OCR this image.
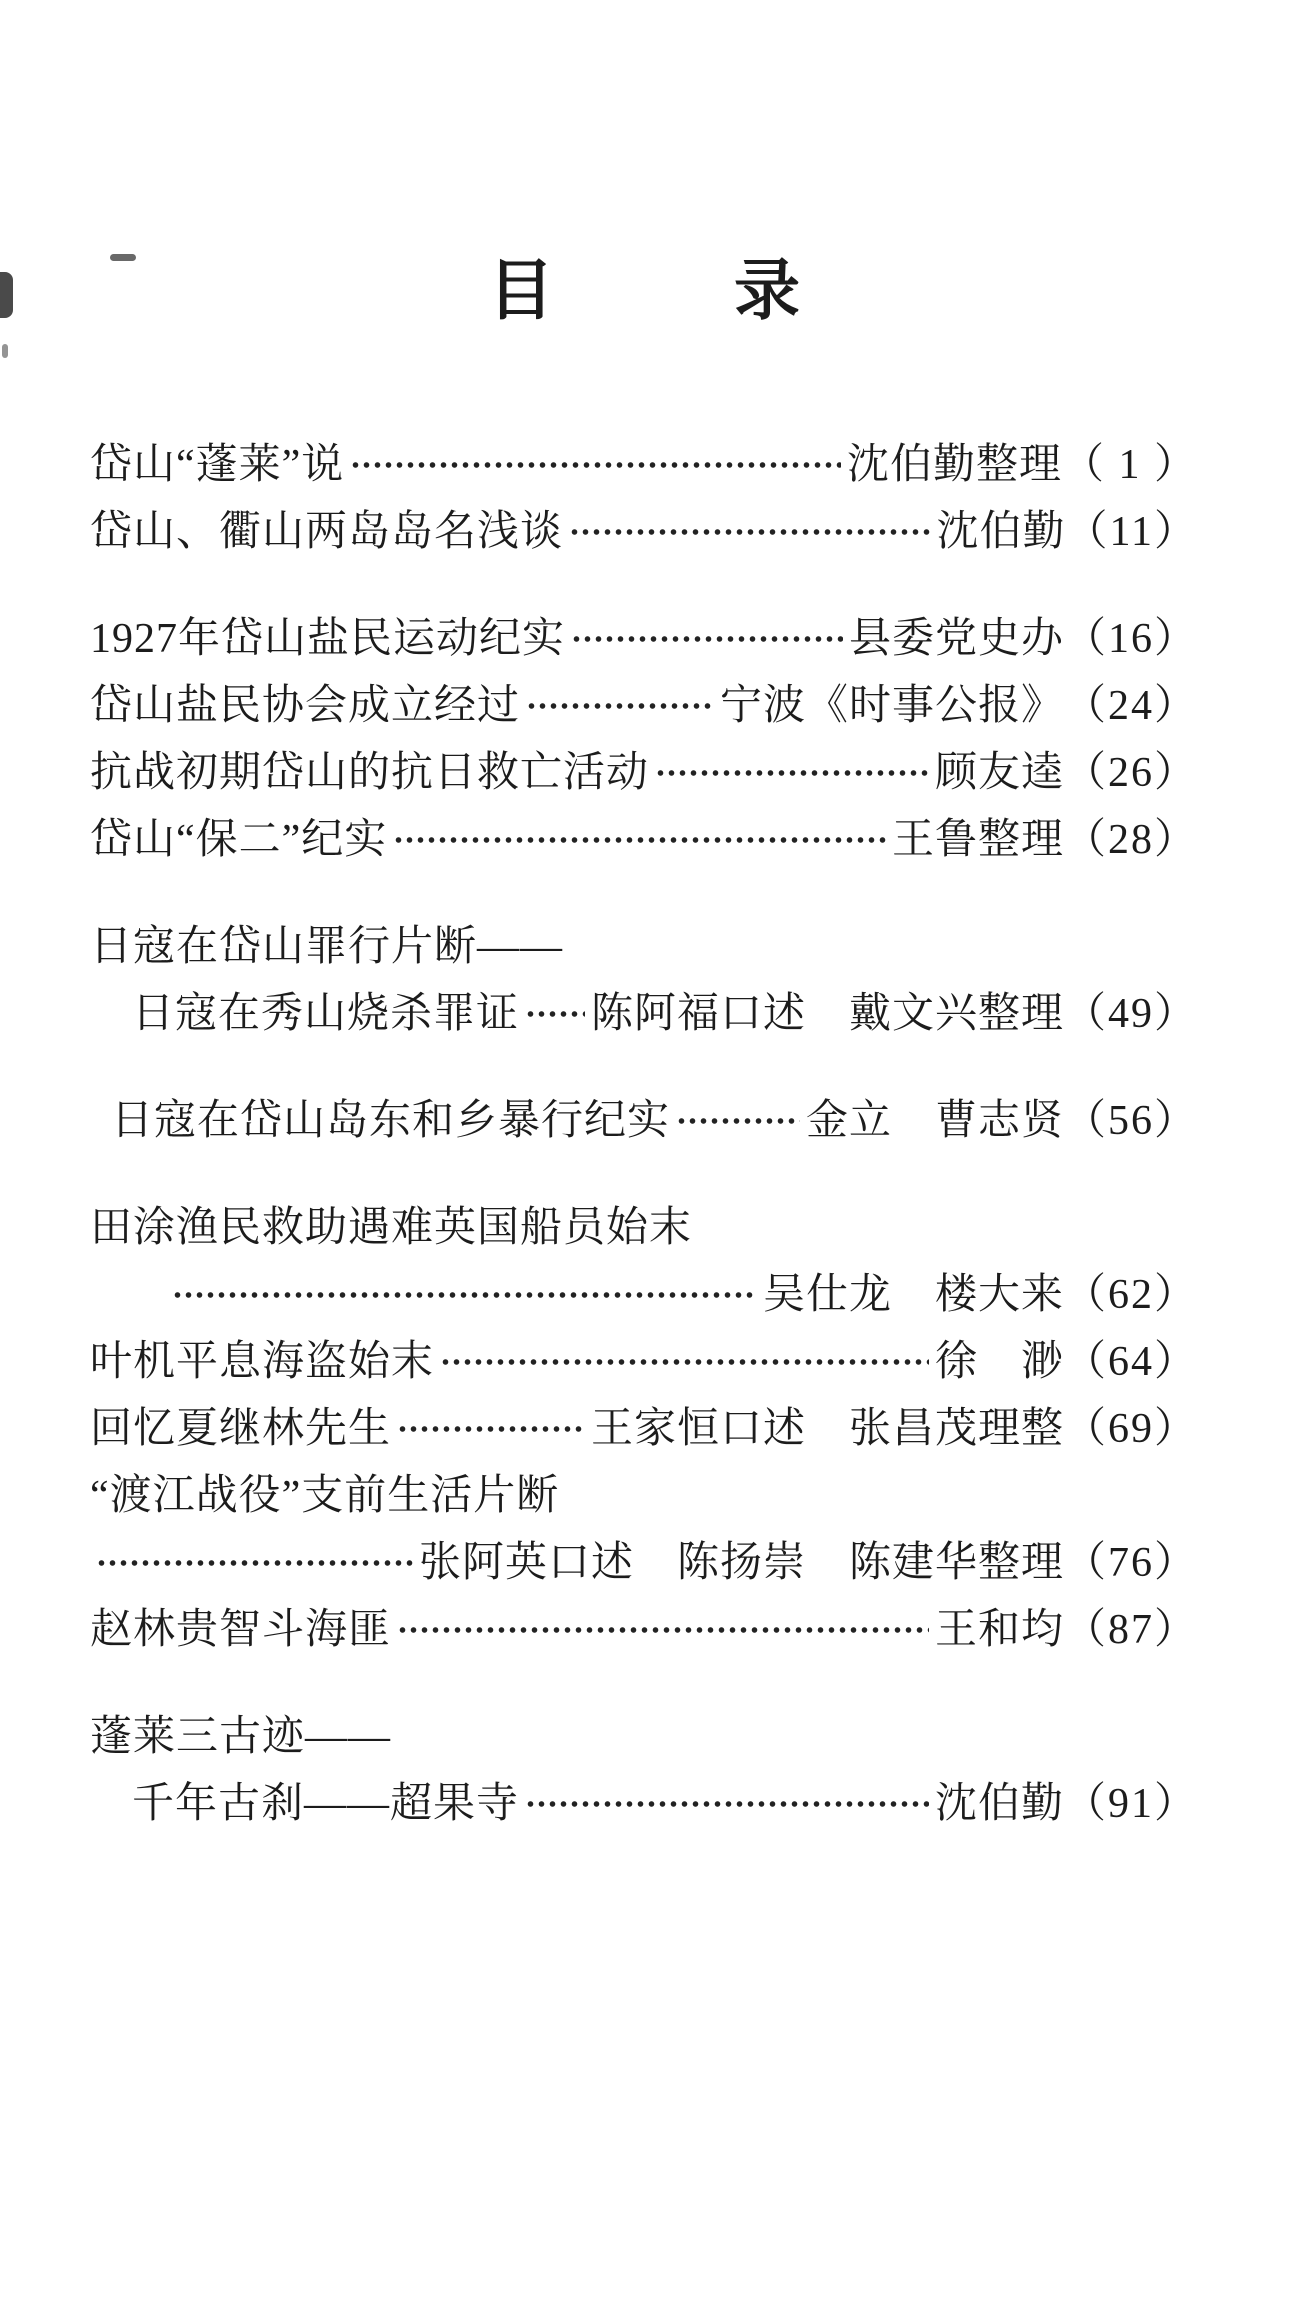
目	录
岱山“蓬莱”说	沈伯勤整理 （ 1 ）
岱山、衢山两岛岛名浅谈	沈伯勤 （11）
1927年岱山盐民运动纪实	县委党史办 （16）
岱山盐民协会成立经过	宁波《时事公报》 （24）
抗战初期岱山的抗日救亡活动	顾友逵 （26）
岱山“保二”纪实	王鲁整理 （28）
日寇在岱山罪行片断——
日寇在秀山烧杀罪证 陈阿福口述　戴文兴整理 （49）
日寇在岱山岛东和乡暴行纪实	金立　曹志贤 （56）
田涂渔民救助遇难英国船员始末
吴仕龙　楼大来 （62）
叶机平息海盗始末	徐　渺 （64）
回忆夏继林先生	王家恒口述　张昌茂理整 （69）
“渡江战役”支前生活片断
张阿英口述　陈扬崇　陈建华整理 （76）
赵林贵智斗海匪	王和均 （87）
蓬莱三古迹——
千年古刹——超果寺	沈伯勤 （91）
